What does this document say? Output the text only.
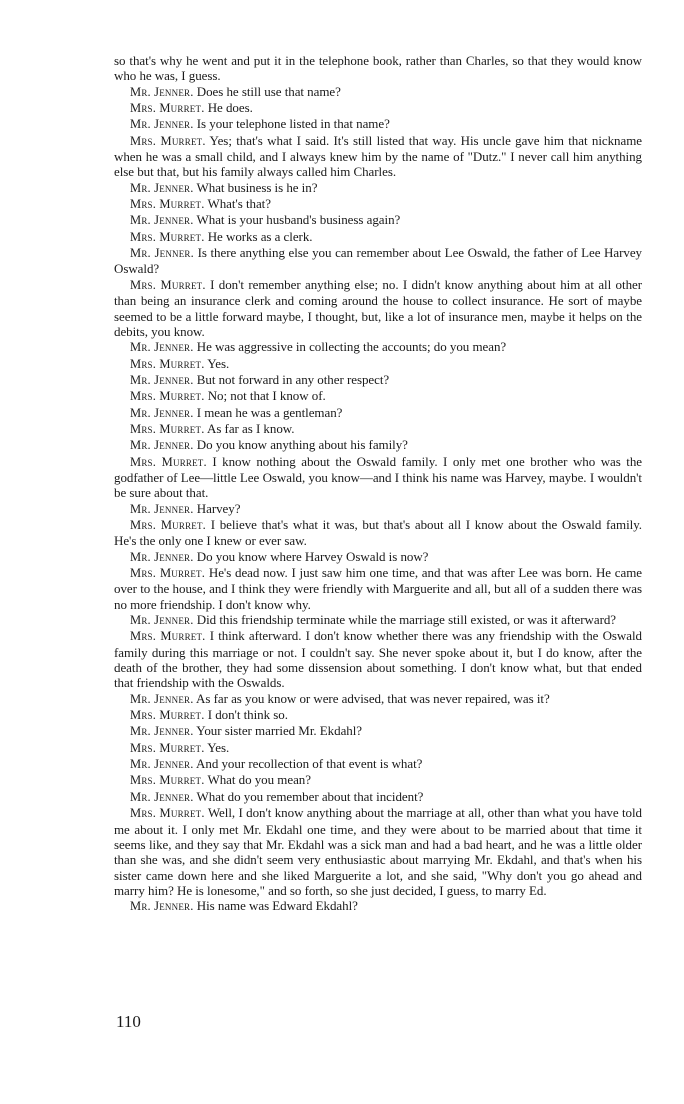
so that's why he went and put it in the telephone book, rather than Charles, so that they would know who he was, I guess.

Mr. Jenner. Does he still use that name?

Mrs. Murret. He does.

Mr. Jenner. Is your telephone listed in that name?

Mrs. Murret. Yes; that's what I said. It's still listed that way. His uncle gave him that nickname when he was a small child, and I always knew him by the name of "Dutz." I never call him anything else but that, but his family always called him Charles.

Mr. Jenner. What business is he in?

Mrs. Murret. What's that?

Mr. Jenner. What is your husband's business again?

Mrs. Murret. He works as a clerk.

Mr. Jenner. Is there anything else you can remember about Lee Oswald, the father of Lee Harvey Oswald?

Mrs. Murret. I don't remember anything else; no. I didn't know anything about him at all other than being an insurance clerk and coming around the house to collect insurance. He sort of maybe seemed to be a little forward maybe, I thought, but, like a lot of insurance men, maybe it helps on the debits, you know.

Mr. Jenner. He was aggressive in collecting the accounts; do you mean?

Mrs. Murret. Yes.

Mr. Jenner. But not forward in any other respect?

Mrs. Murret. No; not that I know of.

Mr. Jenner. I mean he was a gentleman?

Mrs. Murret. As far as I know.

Mr. Jenner. Do you know anything about his family?

Mrs. Murret. I know nothing about the Oswald family. I only met one brother who was the godfather of Lee—little Lee Oswald, you know—and I think his name was Harvey, maybe. I wouldn't be sure about that.

Mr. Jenner. Harvey?

Mrs. Murret. I believe that's what it was, but that's about all I know about the Oswald family. He's the only one I knew or ever saw.

Mr. Jenner. Do you know where Harvey Oswald is now?

Mrs. Murret. He's dead now. I just saw him one time, and that was after Lee was born. He came over to the house, and I think they were friendly with Marguerite and all, but all of a sudden there was no more friendship. I don't know why.

Mr. Jenner. Did this friendship terminate while the marriage still existed, or was it afterward?

Mrs. Murret. I think afterward. I don't know whether there was any friendship with the Oswald family during this marriage or not. I couldn't say. She never spoke about it, but I do know, after the death of the brother, they had some dissension about something. I don't know what, but that ended that friendship with the Oswalds.

Mr. Jenner. As far as you know or were advised, that was never repaired, was it?

Mrs. Murret. I don't think so.

Mr. Jenner. Your sister married Mr. Ekdahl?

Mrs. Murret. Yes.

Mr. Jenner. And your recollection of that event is what?

Mrs. Murret. What do you mean?

Mr. Jenner. What do you remember about that incident?

Mrs. Murret. Well, I don't know anything about the marriage at all, other than what you have told me about it. I only met Mr. Ekdahl one time, and they were about to be married about that time it seems like, and they say that Mr. Ekdahl was a sick man and had a bad heart, and he was a little older than she was, and she didn't seem very enthusiastic about marrying Mr. Ekdahl, and that's when his sister came down here and she liked Marguerite a lot, and she said, "Why don't you go ahead and marry him? He is lonesome," and so forth, so she just decided, I guess, to marry Ed.

Mr. Jenner. His name was Edward Ekdahl?

110
